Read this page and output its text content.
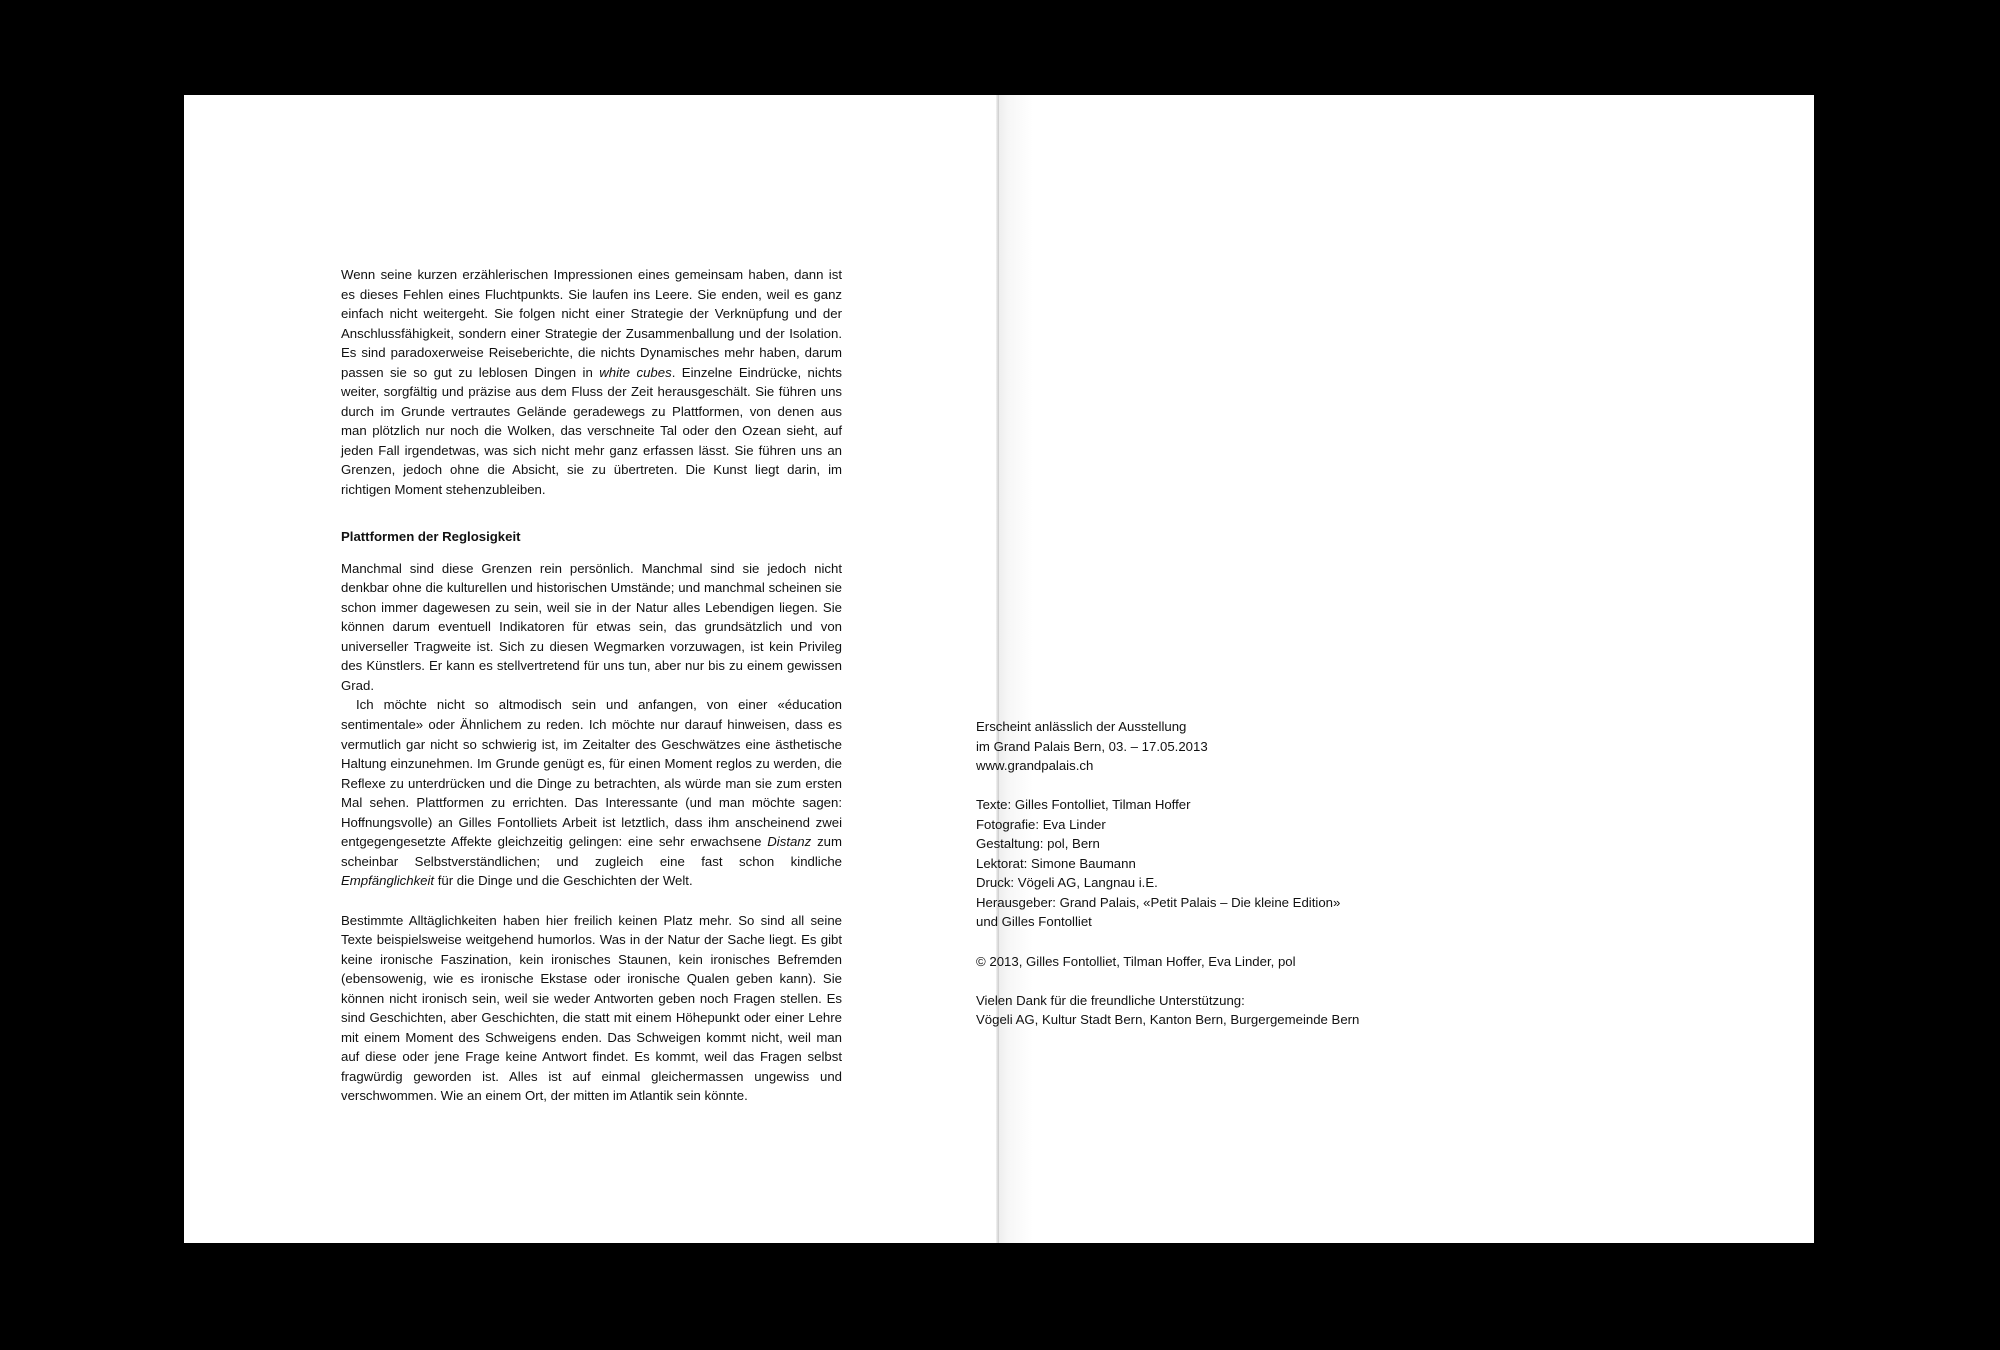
Wenn seine kurzen erzählerischen Impressionen eines gemeinsam haben, dann ist es dieses Fehlen eines Fluchtpunkts. Sie laufen ins Leere. Sie enden, weil es ganz einfach nicht weitergeht. Sie folgen nicht einer Strategie der Verknüpfung und der Anschlussfähigkeit, sondern einer Strategie der Zusammenballung und der Isolation. Es sind paradoxerweise Reiseberichte, die nichts Dynamisches mehr haben, darum passen sie so gut zu leblosen Dingen in white cubes. Einzelne Eindrücke, nichts weiter, sorgfältig und präzise aus dem Fluss der Zeit herausgeschält. Sie führen uns durch im Grunde vertrautes Gelände geradewegs zu Plattformen, von denen aus man plötzlich nur noch die Wolken, das verschneite Tal oder den Ozean sieht, auf jeden Fall irgendetwas, was sich nicht mehr ganz erfassen lässt. Sie führen uns an Grenzen, jedoch ohne die Absicht, sie zu übertreten. Die Kunst liegt darin, im richtigen Moment stehenzubleiben.

Plattformen der Reglosigkeit

Manchmal sind diese Grenzen rein persönlich. Manchmal sind sie jedoch nicht denkbar ohne die kulturellen und historischen Umstände; und manchmal scheinen sie schon immer dagewesen zu sein, weil sie in der Natur alles Lebendigen liegen. Sie können darum eventuell Indikatoren für etwas sein, das grundsätzlich und von universeller Tragweite ist. Sich zu diesen Wegmarken vorzuwagen, ist kein Privileg des Künstlers. Er kann es stellvertretend für uns tun, aber nur bis zu einem gewissen Grad.

Ich möchte nicht so altmodisch sein und anfangen, von einer «éducation sentimentale» oder Ähnlichem zu reden. Ich möchte nur darauf hinweisen, dass es vermutlich gar nicht so schwierig ist, im Zeitalter des Geschwätzes eine ästhetische Haltung einzunehmen. Im Grunde genügt es, für einen Moment reglos zu werden, die Reflexe zu unterdrücken und die Dinge zu betrachten, als würde man sie zum ersten Mal sehen. Plattformen zu errichten. Das Interessante (und man möchte sagen: Hoffnungsvolle) an Gilles Fontolliets Arbeit ist letztlich, dass ihm anscheinend zwei entgegengesetzte Affekte gleichzeitig gelingen: eine sehr erwachsene Distanz zum scheinbar Selbstverständlichen; und zugleich eine fast schon kindliche Empfänglichkeit für die Dinge und die Geschichten der Welt.

Bestimmte Alltäglichkeiten haben hier freilich keinen Platz mehr. So sind all seine Texte beispielsweise weitgehend humorlos. Was in der Natur der Sache liegt. Es gibt keine ironische Faszination, kein ironisches Staunen, kein ironisches Befremden (ebensowenig, wie es ironische Ekstase oder ironische Qualen geben kann). Sie können nicht ironisch sein, weil sie weder Antworten geben noch Fragen stellen. Es sind Geschichten, aber Geschichten, die statt mit einem Höhepunkt oder einer Lehre mit einem Moment des Schweigens enden. Das Schweigen kommt nicht, weil man auf diese oder jene Frage keine Antwort findet. Es kommt, weil das Fragen selbst fragwürdig geworden ist. Alles ist auf einmal gleichermassen ungewiss und verschwommen. Wie an einem Ort, der mitten im Atlantik sein könnte.

Erscheint anlässlich der Ausstellung
im Grand Palais Bern, 03. – 17.05.2013
www.grandpalais.ch
Texte: Gilles Fontolliet, Tilman Hoffer
Fotografie: Eva Linder
Gestaltung: pol, Bern
Lektorat: Simone Baumann
Druck: Vögeli AG, Langnau i.E.
Herausgeber: Grand Palais, «Petit Palais – Die kleine Edition»
und Gilles Fontolliet
© 2013, Gilles Fontolliet, Tilman Hoffer, Eva Linder, pol
Vielen Dank für die freundliche Unterstützung:
Vögeli AG, Kultur Stadt Bern, Kanton Bern, Burgergemeinde Bern
